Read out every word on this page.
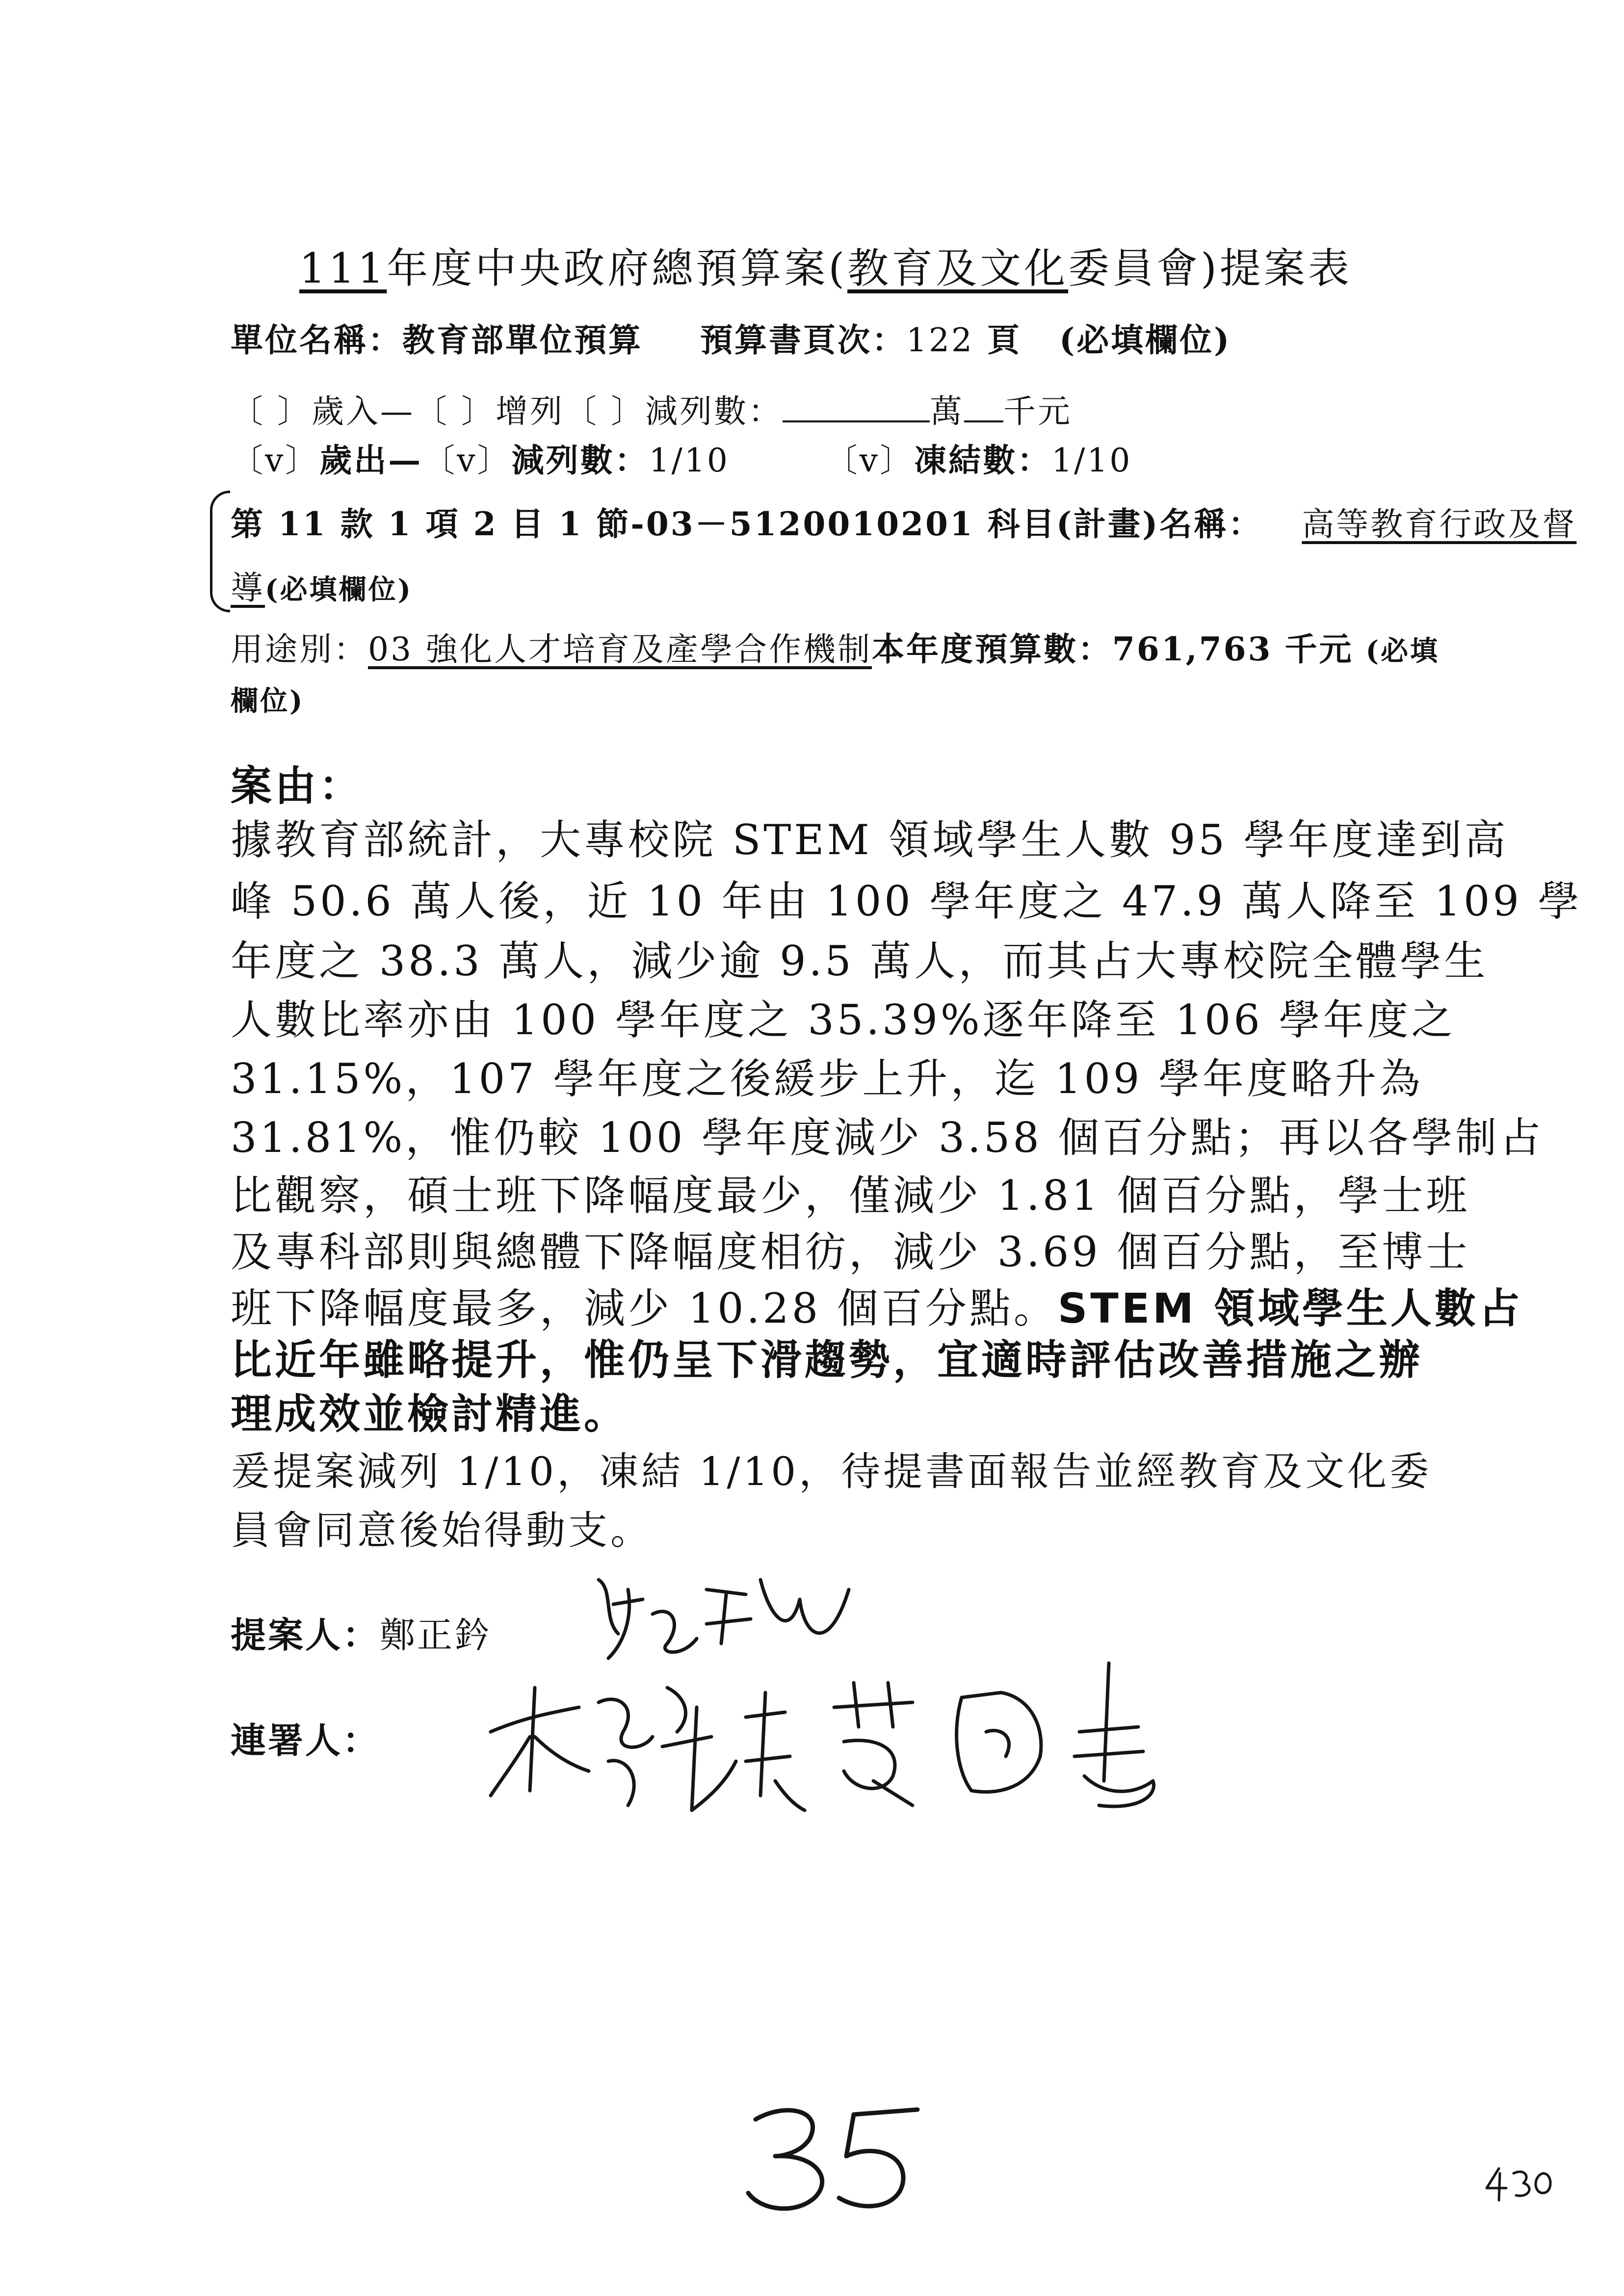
111年度中央政府總預算案(教育及文化委員會)提案表
單位名稱：教育部單位預算 預算書頁次：122 頁 (必填欄位)
〔 〕歲入—〔 〕增列〔 〕減列數：	萬 千元
〔v〕歲出—〔v〕減列數：1/10	〔v〕凍結數：1/10
第 11 款 1 項 2 目 1 節-03－5120010201 科目(計畫)名稱： 高等教育行政及督
導(必填欄位)
用途別：03 強化人才培育及產學合作機制本年度預算數：761,763 千元 (必填
欄位)
案由：
據教育部統計，大專校院 STEM 領域學生人數 95 學年度達到高
峰 50.6 萬人後，近 10 年由 100 學年度之 47.9 萬人降至 109 學
年度之 38.3 萬人，減少逾 9.5 萬人，而其占大專校院全體學生
人數比率亦由 100 學年度之 35.39%逐年降至 106 學年度之
31.15%，107 學年度之後緩步上升，迄 109 學年度略升為
31.81%，惟仍較 100 學年度減少 3.58 個百分點；再以各學制占
比觀察，碩士班下降幅度最少，僅減少 1.81 個百分點，學士班
及專科部則與總體下降幅度相彷，減少 3.69 個百分點，至博士
班下降幅度最多，減少 10.28 個百分點。STEM 領域學生人數占
比近年雖略提升，惟仍呈下滑趨勢，宜適時評估改善措施之辦
理成效並檢討精進。
爰提案減列 1/10，凍結 1/10，待提書面報告並經教育及文化委
員會同意後始得動支。
提案人：鄭正鈐
連署人：
